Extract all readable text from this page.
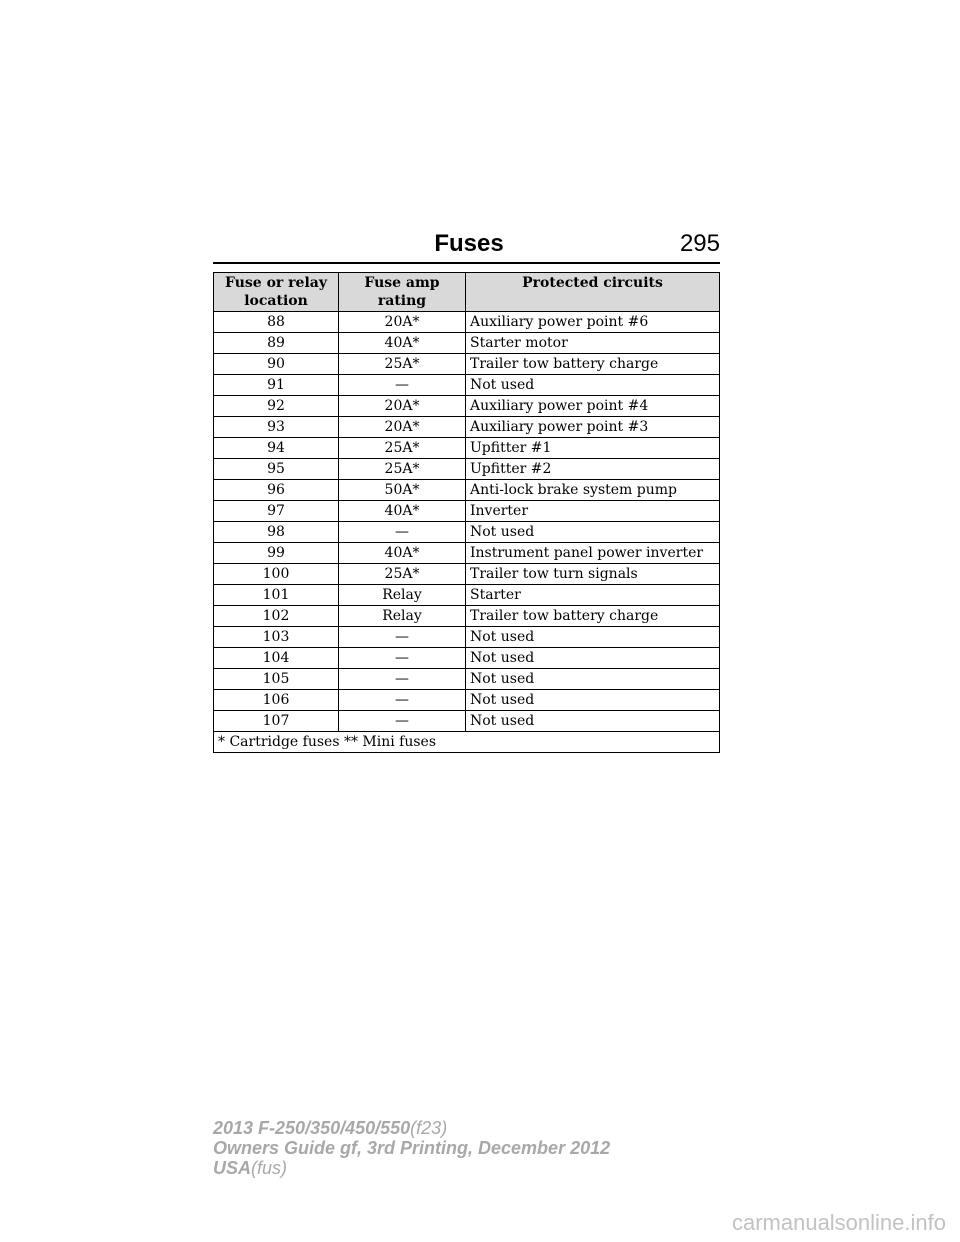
Fuses	295
Fuse or relay location	Fuse amp rating	Protected circuits
88	20A*	Auxiliary power point #6
89	40A*	Starter motor
90	25A*	Trailer tow battery charge
91	—	Not used
92	20A*	Auxiliary power point #4
93	20A*	Auxiliary power point #3
94	25A*	Upfitter #1
95	25A*	Upfitter #2
96	50A*	Anti-lock brake system pump
97	40A*	Inverter
98	—	Not used
99	40A*	Instrument panel power inverter
100	25A*	Trailer tow turn signals
101	Relay	Starter
102	Relay	Trailer tow battery charge
103	—	Not used
104	—	Not used
105	—	Not used
106	—	Not used
107	—	Not used
* Cartridge fuses ** Mini fuses		
2013 F-250/350/450/550(f23)
Owners Guide gf, 3rd Printing, December 2012
USA(fus)
carmanualsonline.info
